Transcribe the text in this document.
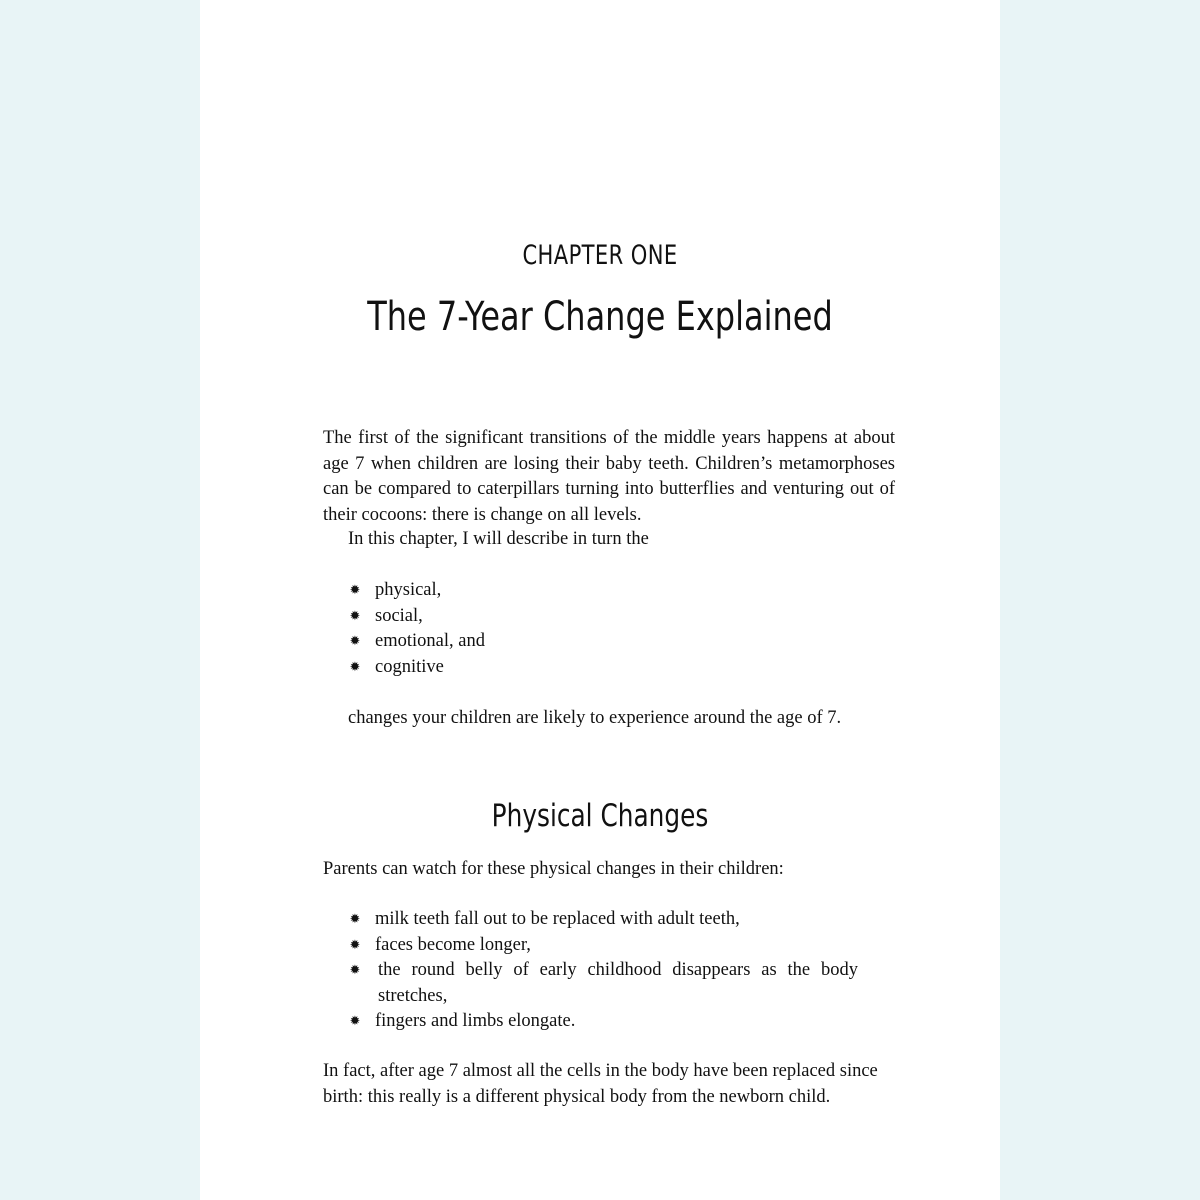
CHAPTER ONE
The 7-Year Change Explained

The first of the significant transitions of the middle years happens at about age 7 when children are losing their baby teeth. Children’s metamorphoses can be compared to caterpillars turning into butterflies and venturing out of their cocoons: there is change on all levels.

In this chapter, I will describe in turn the

✹ physical,
✹ social,
✹ emotional, and
✹ cognitive

changes your children are likely to experience around the age of 7.

Physical Changes

Parents can watch for these physical changes in their children:

✹ milk teeth fall out to be replaced with adult teeth,
✹ faces become longer,
✹ the round belly of early childhood disappears as the body stretches,
✹ fingers and limbs elongate.

In fact, after age 7 almost all the cells in the body have been replaced since birth: this really is a different physical body from the newborn child.
